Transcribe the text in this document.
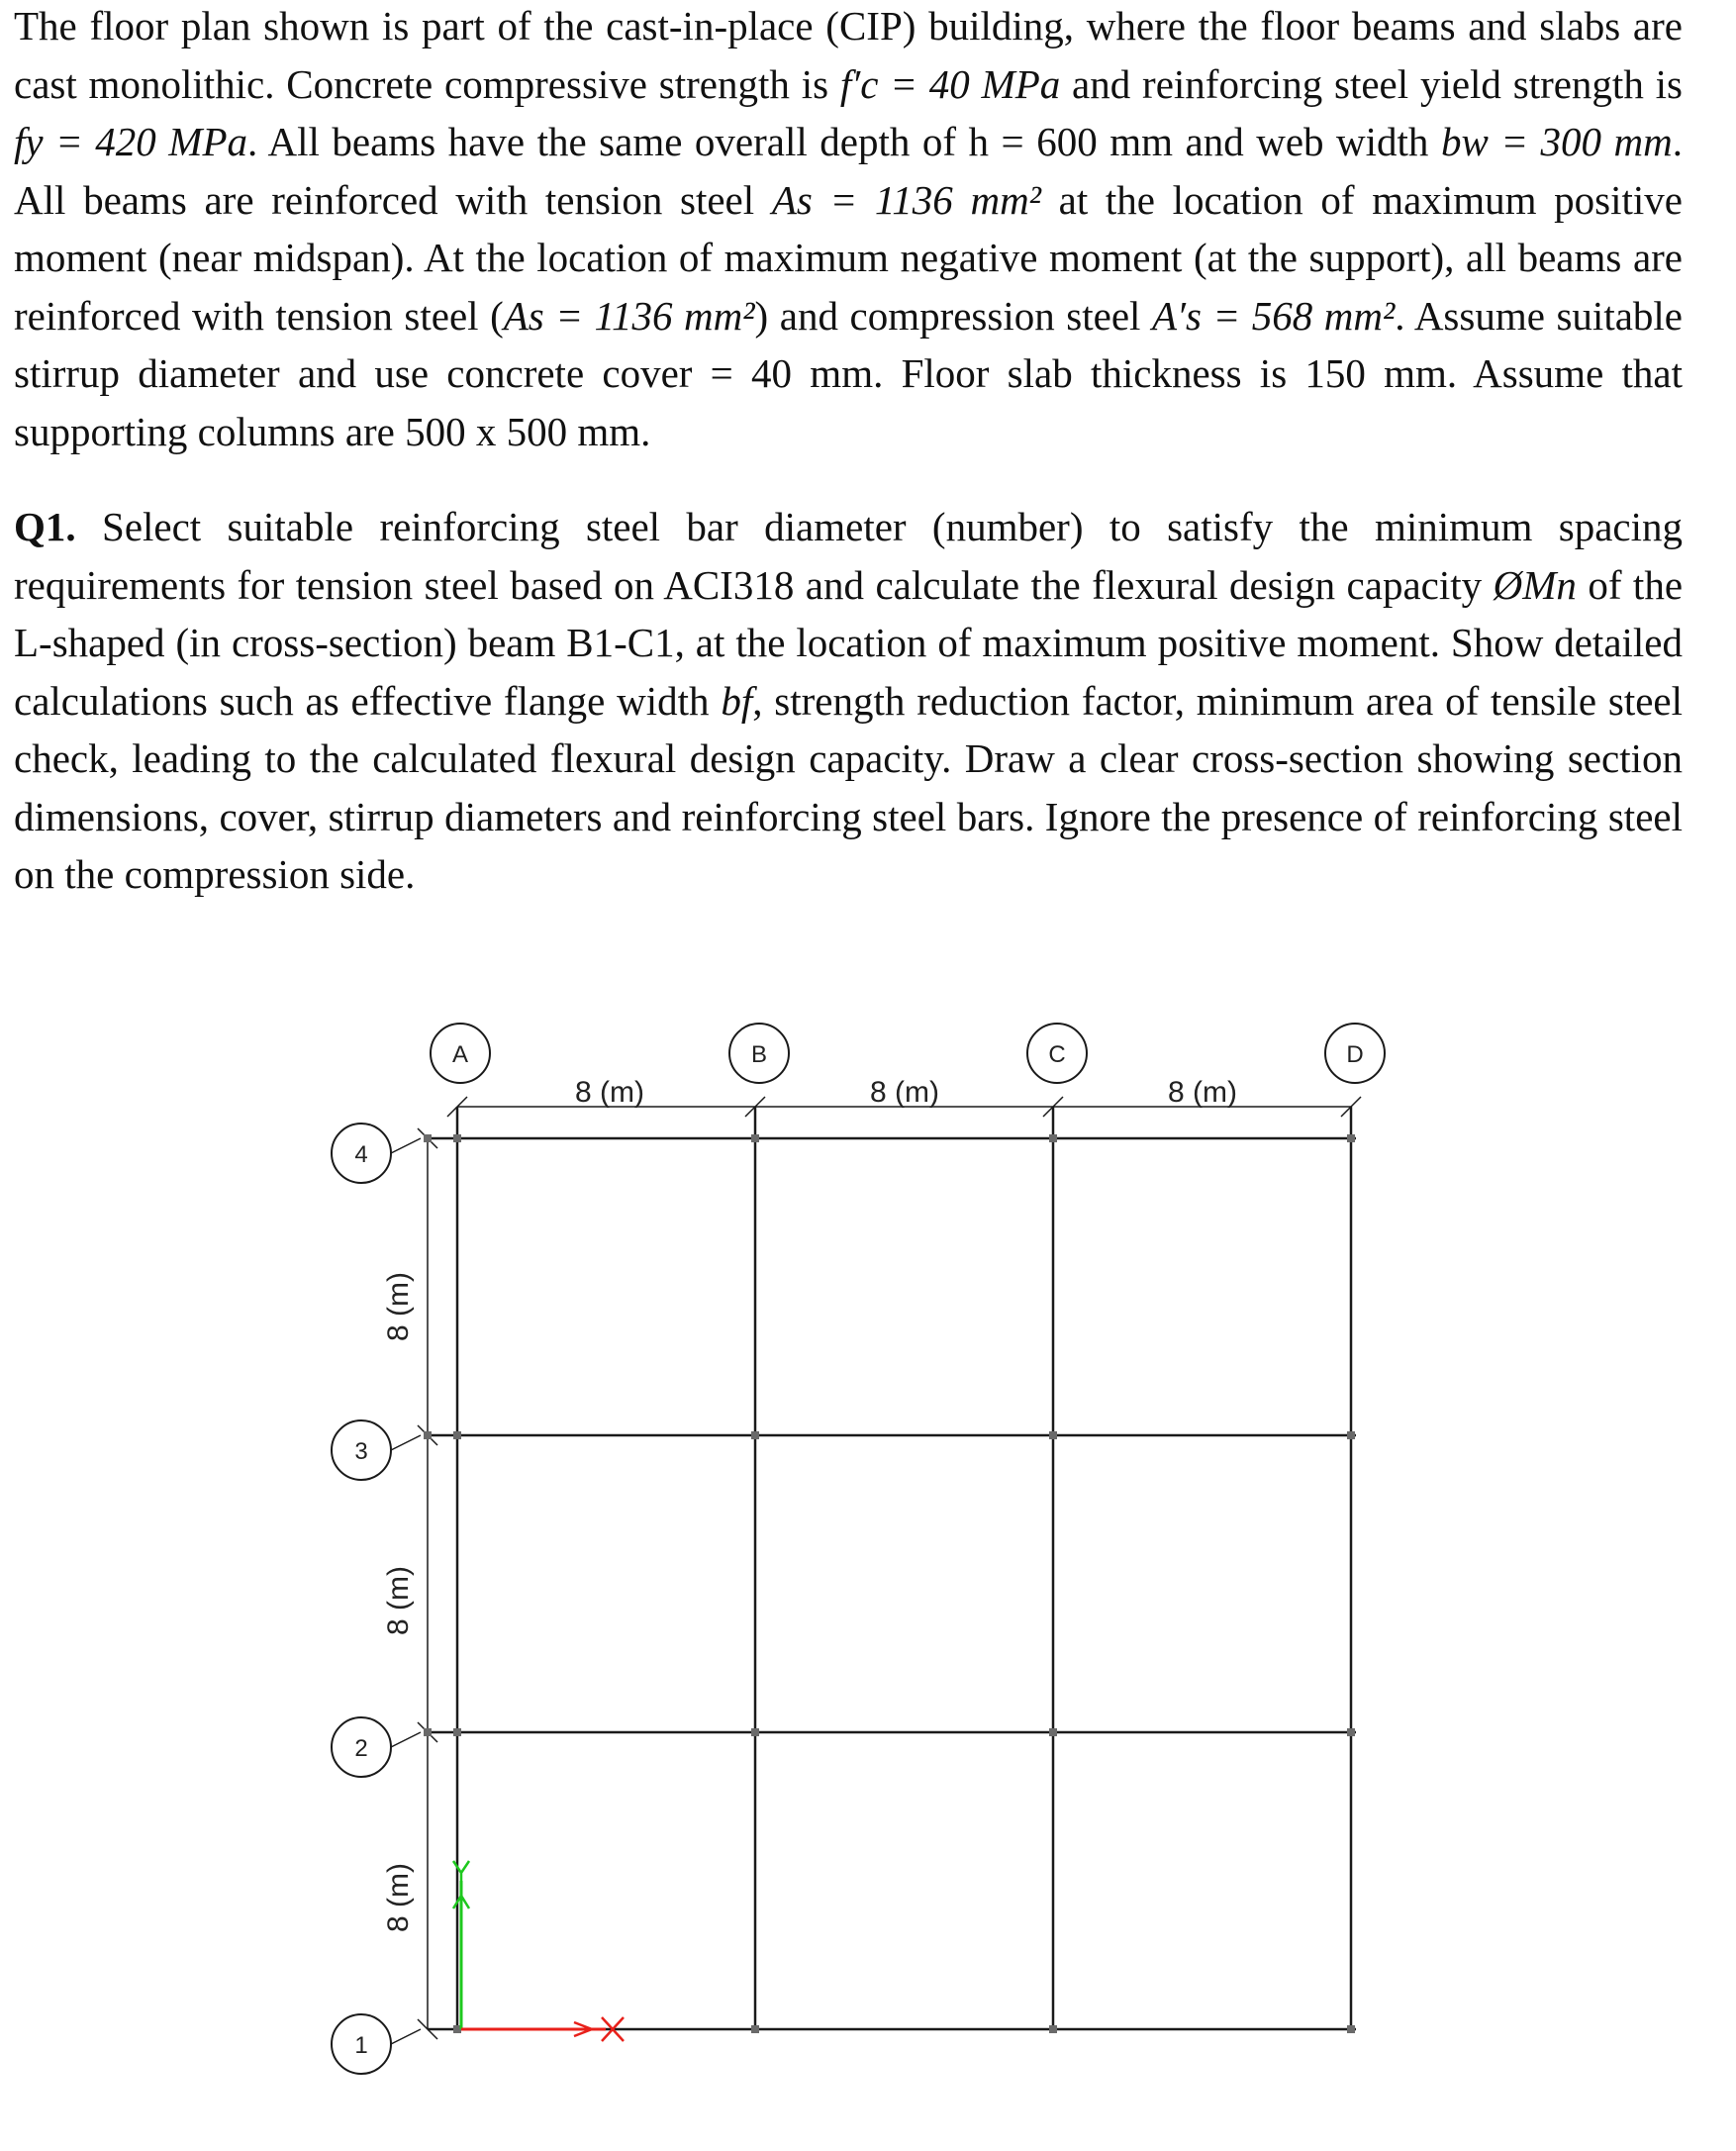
The floor plan shown is part of the cast-in-place (CIP) building, where the floor beams and slabs are cast monolithic. Concrete compressive strength is f′c = 40 MPa and reinforcing steel yield strength is fy = 420 MPa. All beams have the same overall depth of h = 600 mm and web width bw = 300 mm. All beams are reinforced with tension steel As = 1136 mm² at the location of maximum positive moment (near midspan). At the location of maximum negative moment (at the support), all beams are reinforced with tension steel (As = 1136 mm²) and compression steel A′s = 568 mm². Assume suitable stirrup diameter and use concrete cover = 40 mm. Floor slab thickness is 150 mm. Assume that supporting columns are 500 x 500 mm.
Q1. Select suitable reinforcing steel bar diameter (number) to satisfy the minimum spacing requirements for tension steel based on ACI318 and calculate the flexural design capacity ØMn of the L-shaped (in cross-section) beam B1-C1, at the location of maximum positive moment. Show detailed calculations such as effective flange width bf, strength reduction factor, minimum area of tensile steel check, leading to the calculated flexural design capacity. Draw a clear cross-section showing section dimensions, cover, stirrup diameters and reinforcing steel bars. Ignore the presence of reinforcing steel on the compression side.
A	B	C	D
4
3
2
1
8 (m)	8 (m)	8 (m)
8 (m)
8 (m)
8 (m)
